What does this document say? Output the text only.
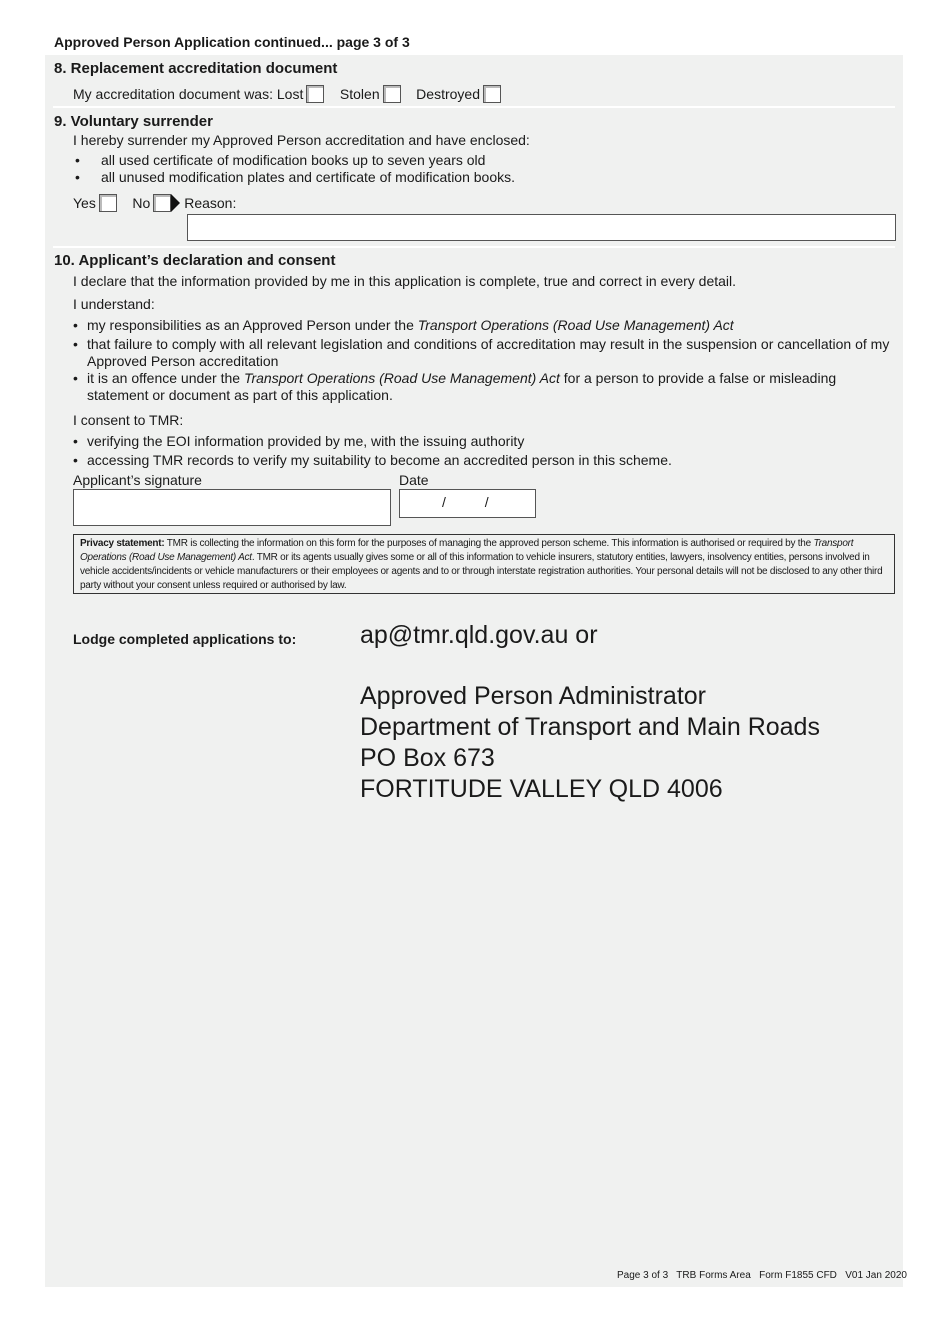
Approved Person Application continued... page 3 of 3
8. Replacement accreditation document
My accreditation document was: Lost	Stolen	Destroyed
9. Voluntary surrender
I hereby surrender my Approved Person accreditation and have enclosed:
• all used certificate of modification books up to seven years old
• all unused modification plates and certificate of modification books.
Yes	No Reason:
10. Applicant’s declaration and consent
I declare that the information provided by me in this application is complete, true and correct in every detail.
I understand:
• my responsibilities as an Approved Person under the Transport Operations (Road Use Management) Act
• that failure to comply with all relevant legislation and conditions of accreditation may result in the suspension or cancellation of my Approved Person accreditation
• it is an offence under the Transport Operations (Road Use Management) Act for a person to provide a false or misleading statement or document as part of this application.
I consent to TMR:
• verifying the EOI information provided by me, with the issuing authority
• accessing TMR records to verify my suitability to become an accredited person in this scheme.
Applicant’s signature	Date
/          /
Privacy statement: TMR is collecting the information on this form for the purposes of managing the approved person scheme. This information is authorised or required by the Transport Operations (Road Use Management) Act. TMR or its agents usually gives some or all of this information to vehicle insurers, statutory entities, lawyers, insolvency entities, persons involved in vehicle accidents/incidents or vehicle manufacturers or their employees or agents and to or through interstate registration authorities. Your personal details will not be disclosed to any other third party without your consent unless required or authorised by law.
Lodge completed applications to:	ap@tmr.qld.gov.au or
Approved Person Administrator
Department of Transport and Main Roads
PO Box 673
FORTITUDE VALLEY QLD 4006
Page 3 of 3   TRB Forms Area   Form F1855 CFD   V01 Jan 2020
